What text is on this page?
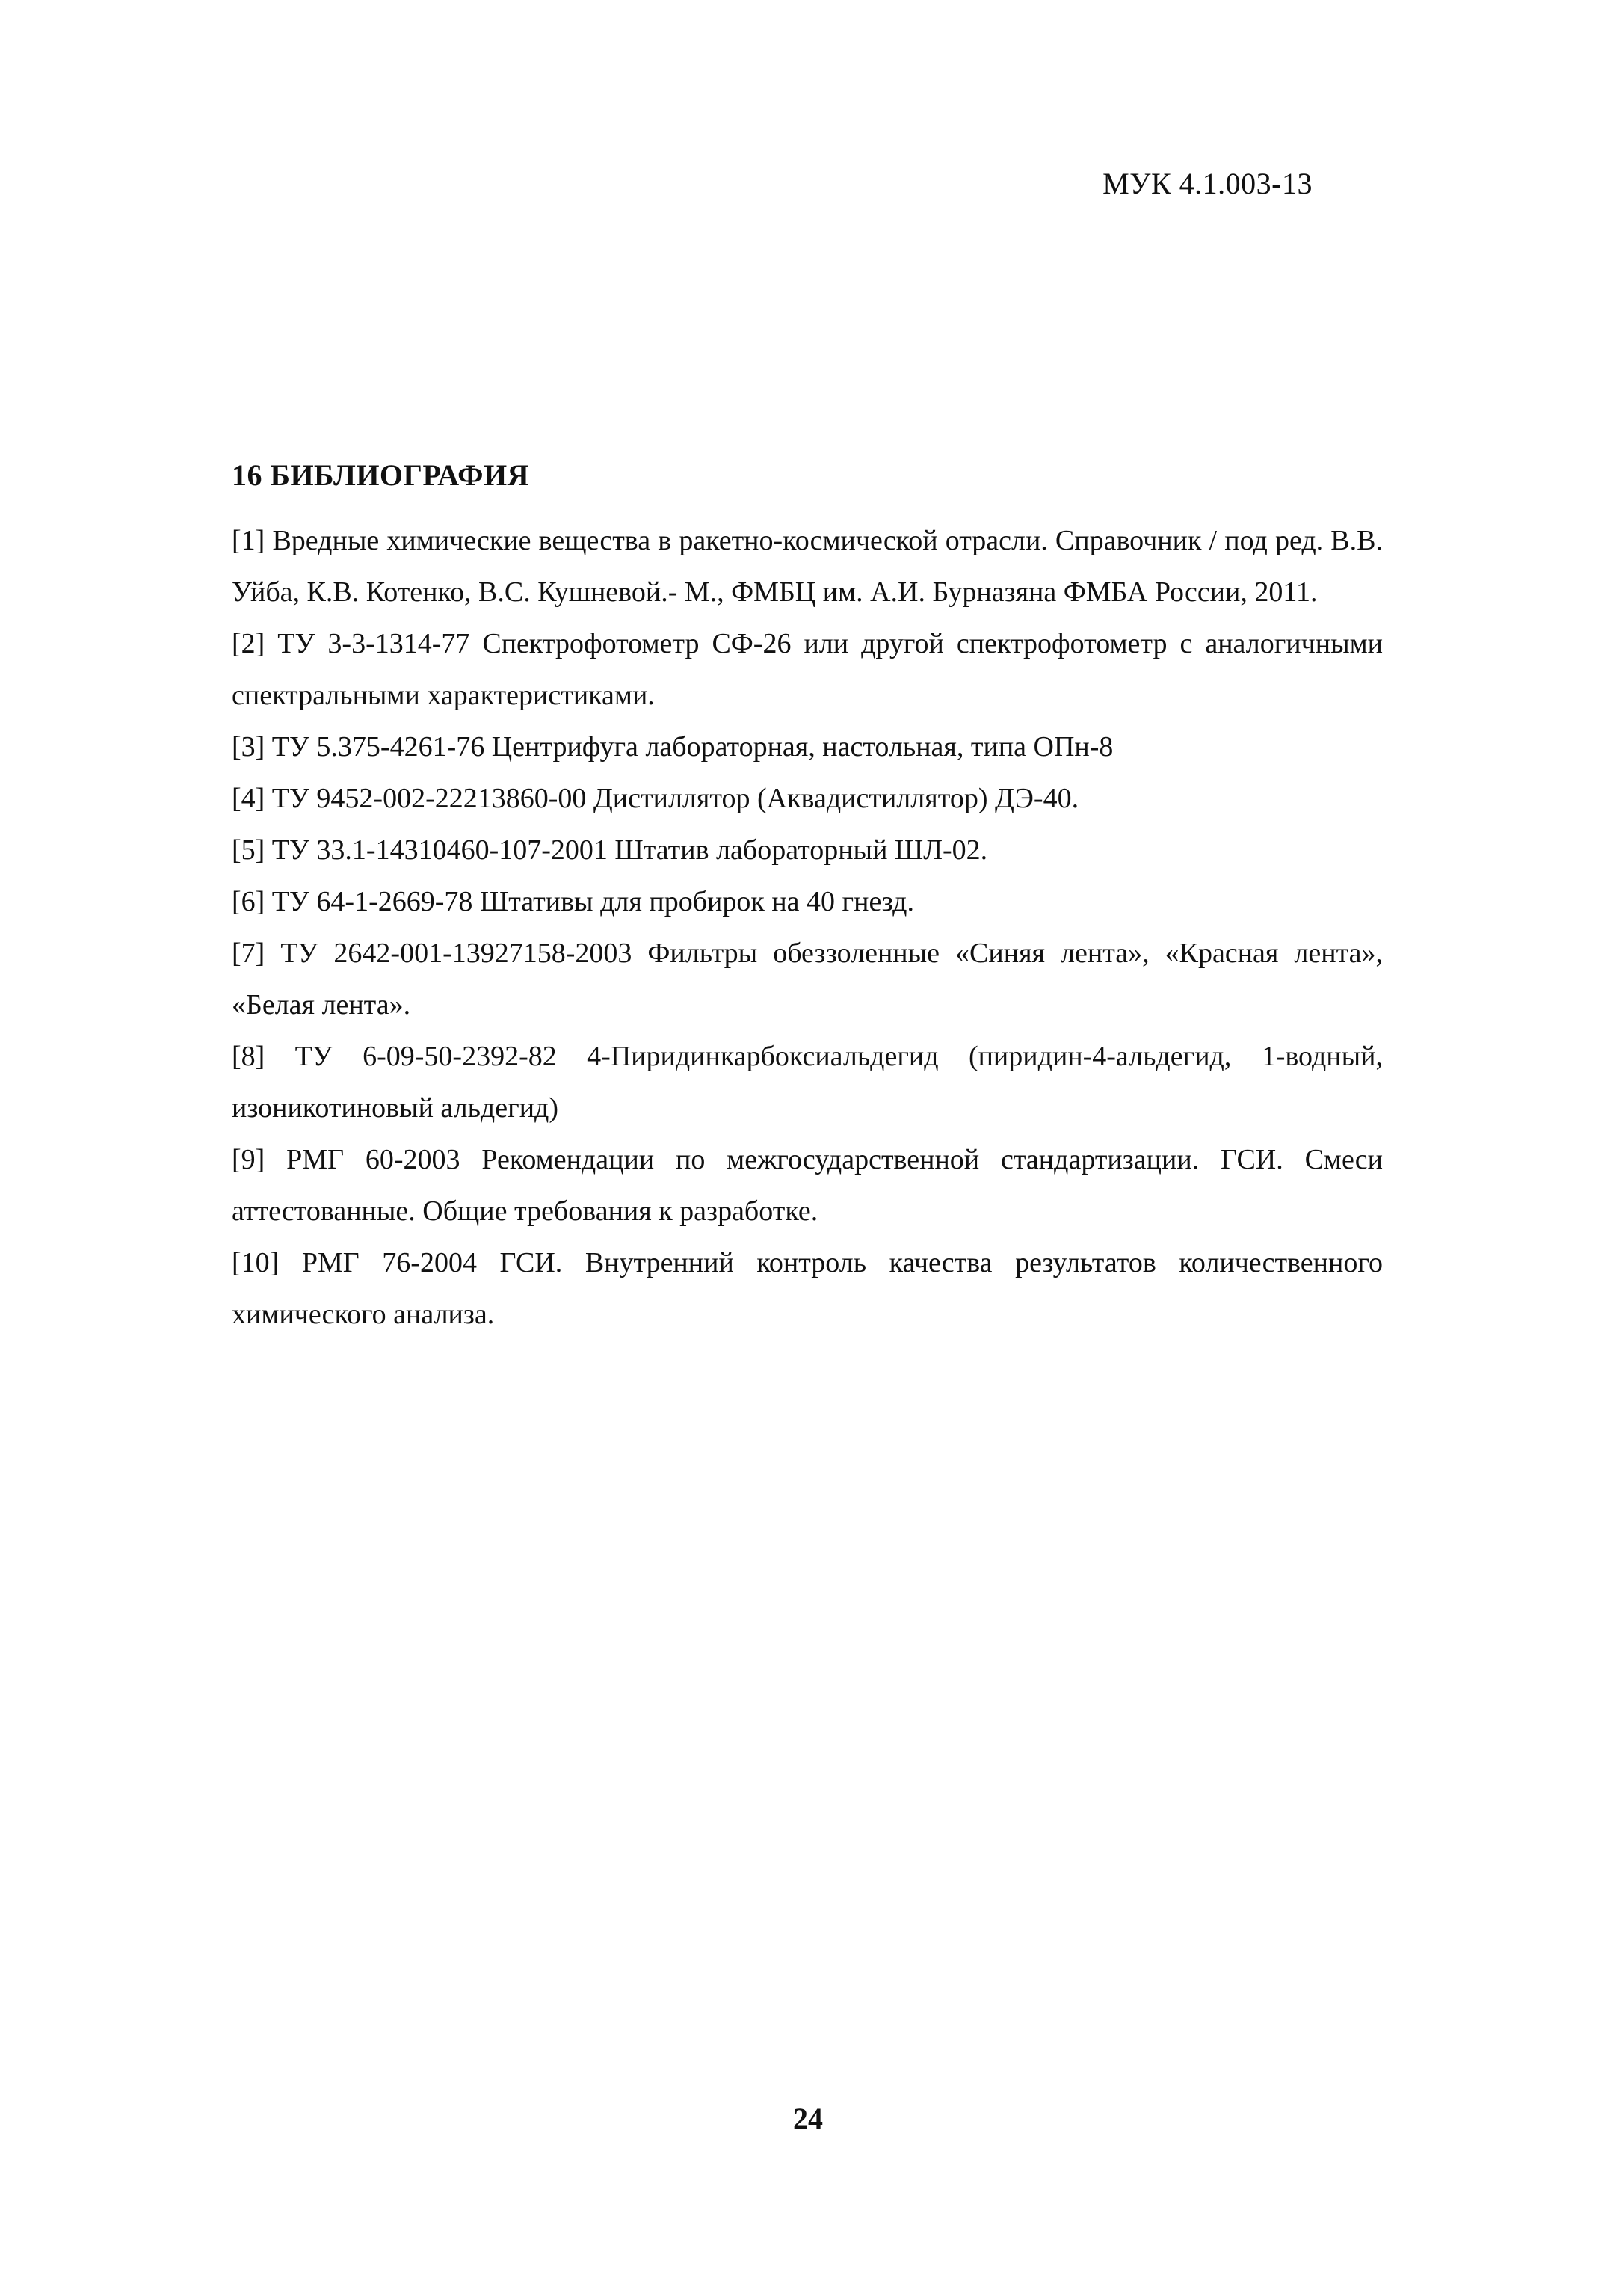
МУК 4.1.003-13
16 БИБЛИОГРАФИЯ
[1] Вредные химические вещества в ракетно-космической отрасли. Справочник / под ред. В.В. Уйба, К.В. Котенко, В.С. Кушневой.- М., ФМБЦ им. А.И. Бурназяна ФМБА России, 2011.
[2] ТУ 3-3-1314-77 Спектрофотометр СФ-26 или другой спектрофотометр с аналогичными спектральными характеристиками.
[3] ТУ 5.375-4261-76 Центрифуга лабораторная, настольная, типа ОПн-8
[4] ТУ 9452-002-22213860-00 Дистиллятор (Аквадистиллятор) ДЭ-40.
[5] ТУ 33.1-14310460-107-2001 Штатив лабораторный ШЛ-02.
[6] ТУ 64-1-2669-78 Штативы для пробирок на 40 гнезд.
[7] ТУ 2642-001-13927158-2003 Фильтры обеззоленные «Синяя лента», «Красная лента», «Белая лента».
[8] ТУ 6-09-50-2392-82 4-Пиридинкарбоксиальдегид (пиридин-4-альдегид, 1-водный, изоникотиновый альдегид)
[9] РМГ 60-2003 Рекомендации по межгосударственной стандартизации. ГСИ. Смеси аттестованные. Общие требования к разработке.
[10] РМГ 76-2004 ГСИ. Внутренний контроль качества результатов количественного химического анализа.
24
